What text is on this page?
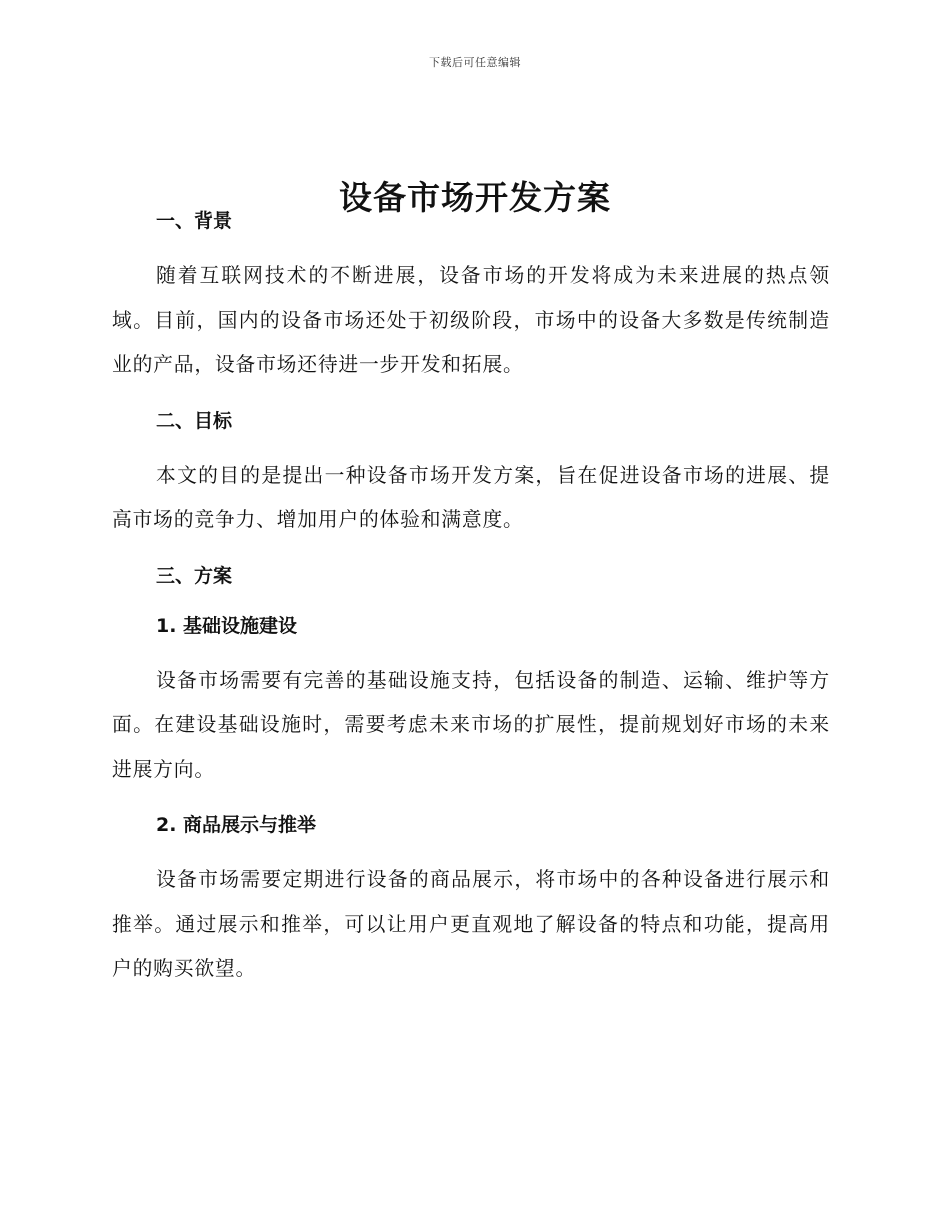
下载后可任意编辑
设备市场开发方案
一、背景

随着互联网技术的不断进展，设备市场的开发将成为未来进展的热点领域。目前，国内的设备市场还处于初级阶段，市场中的设备大多数是传统制造业的产品，设备市场还待进一步开发和拓展。

二、目标

本文的目的是提出一种设备市场开发方案，旨在促进设备市场的进展、提高市场的竞争力、增加用户的体验和满意度。

三、方案
1. 基础设施建设

设备市场需要有完善的基础设施支持，包括设备的制造、运输、维护等方面。在建设基础设施时，需要考虑未来市场的扩展性，提前规划好市场的未来进展方向。

2. 商品展示与推举

设备市场需要定期进行设备的商品展示，将市场中的各种设备进行展示和推举。通过展示和推举，可以让用户更直观地了解设备的特点和功能，提高用户的购买欲望。
